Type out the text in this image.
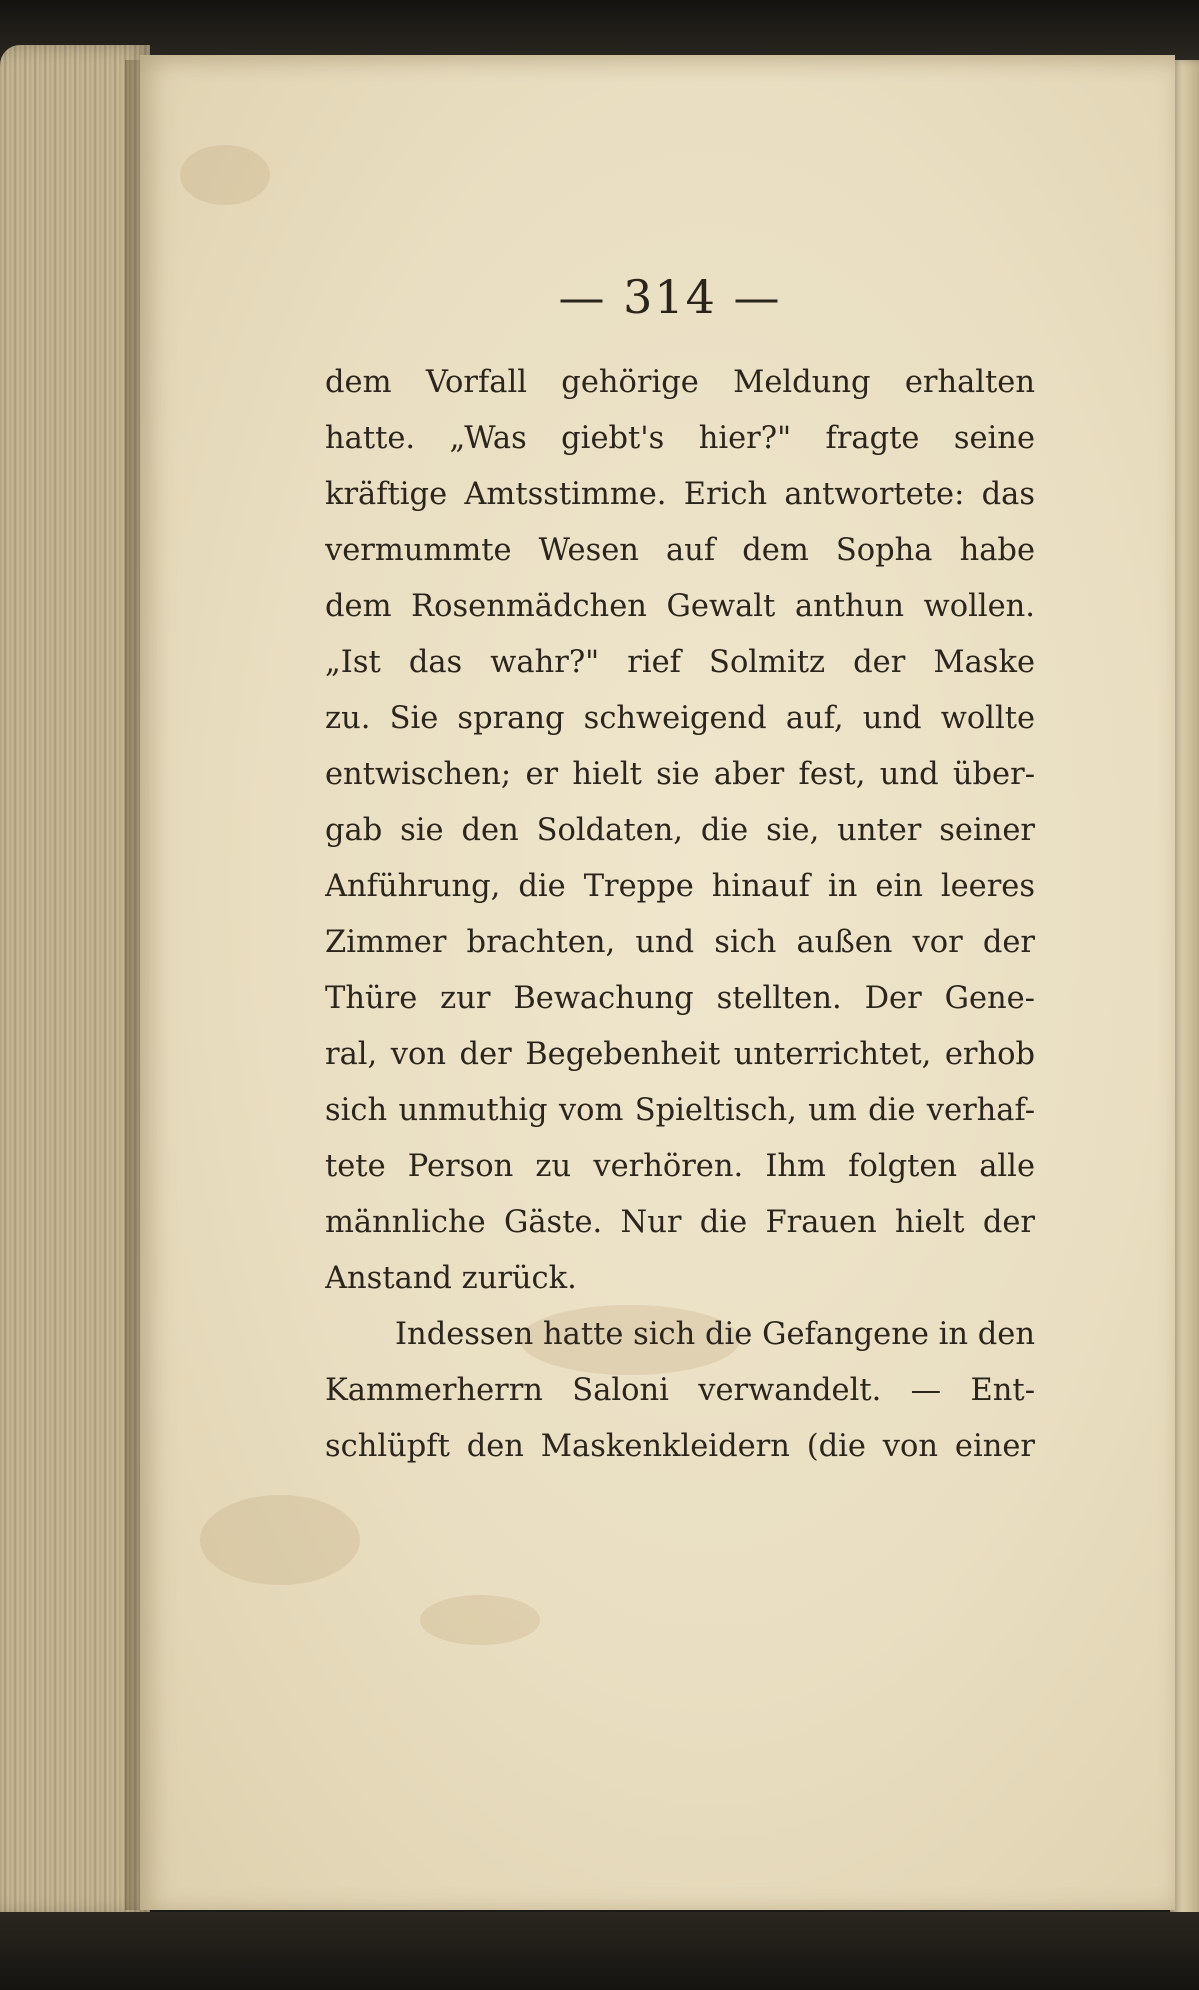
— 314 —
dem Vorfall gehörige Meldung erhalten
hatte. „Was giebt's hier?" fragte seine
kräftige Amtsstimme. Erich antwortete: das
vermummte Wesen auf dem Sopha habe
dem Rosenmädchen Gewalt anthun wollen.
„Ist das wahr?" rief Solmitz der Maske
zu. Sie sprang schweigend auf, und wollte
entwischen; er hielt sie aber fest, und über-
gab sie den Soldaten, die sie, unter seiner
Anführung, die Treppe hinauf in ein leeres
Zimmer brachten, und sich außen vor der
Thüre zur Bewachung stellten. Der Gene-
ral, von der Begebenheit unterrichtet, erhob
sich unmuthig vom Spieltisch, um die verhaf-
tete Person zu verhören. Ihm folgten alle
männliche Gäste. Nur die Frauen hielt der
Anstand zurück.
Indessen hatte sich die Gefangene in den
Kammerherrn Saloni verwandelt. — Ent-
schlüpft den Maskenkleidern (die von einer
